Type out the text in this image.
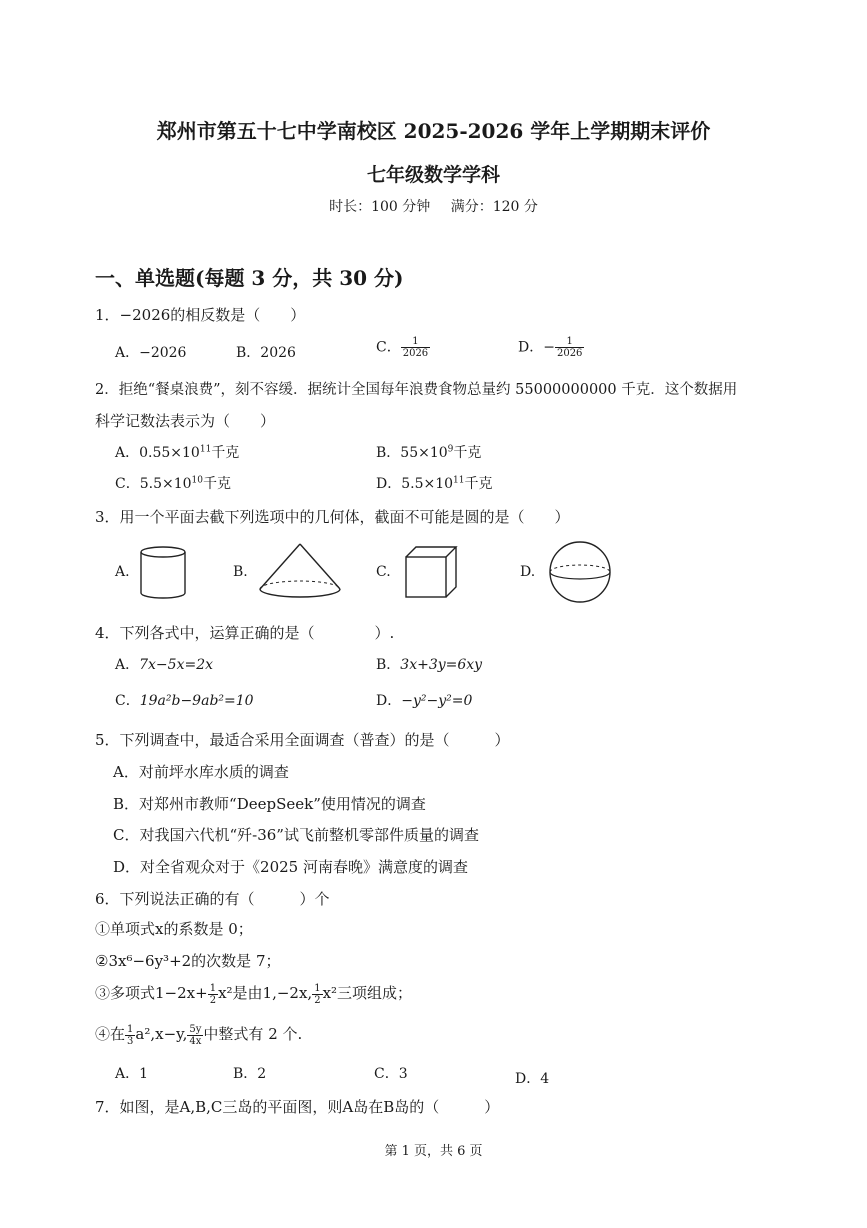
郑州市第五十七中学南校区 2025-2026 学年上学期期末评价
七年级数学学科
时长：100 分钟 满分：120 分
一、单选题(每题 3 分，共 30 分)
1．−2026的相反数是（　　）
A．−2026	B．2026	C． $\frac{1}{2026}$	D．− $\frac{1}{2026}$
2．拒绝“餐桌浪费”，刻不容缓．据统计全国每年浪费食物总量约 55000000000 千克．这个数据用
科学记数法表示为（　　）
A．$0.55\times 10^{11}$千克	B．$55\times 10^9$千克
C．$5.5\times 10^{10}$千克	D．$5.5\times 10^{11}$千克
3．用一个平面去截下列选项中的几何体，截面不可能是圆的是（　　）
A.	B.	C.	D.
4．下列各式中，运算正确的是（　　　　）.
A．7x−5x=2x	B．3x+3y=6xy
C．19a²b−9ab²=10	D．−y²−y²=0
5．下列调查中，最适合采用全面调查（普查）的是（　　　）
A．对前坪水库水质的调查
B．对郑州市教师“DeepSeek”使用情况的调查
C．对我国六代机“歼-36”试飞前整机零部件质量的调查
D．对全省观众对于《2025 河南春晚》满意度的调查
6．下列说法正确的有（　　　）个
①单项式x的系数是 0；
②3x⁶−6y³+2的次数是 7；
③多项式$1-2x+ \frac{1}{2} x^2$是由1,−2x, $\frac{1}{2} x^2$三项组成；
④在 $\frac{1}{3} a^2,x-y$, $\frac{5y}{4x}$ 中整式有 2 个.
A．1	B．2	C．3	D．4
7．如图，是A,B,C三岛的平面图，则A岛在B岛的（　　　）
第 1 页，共 6 页
